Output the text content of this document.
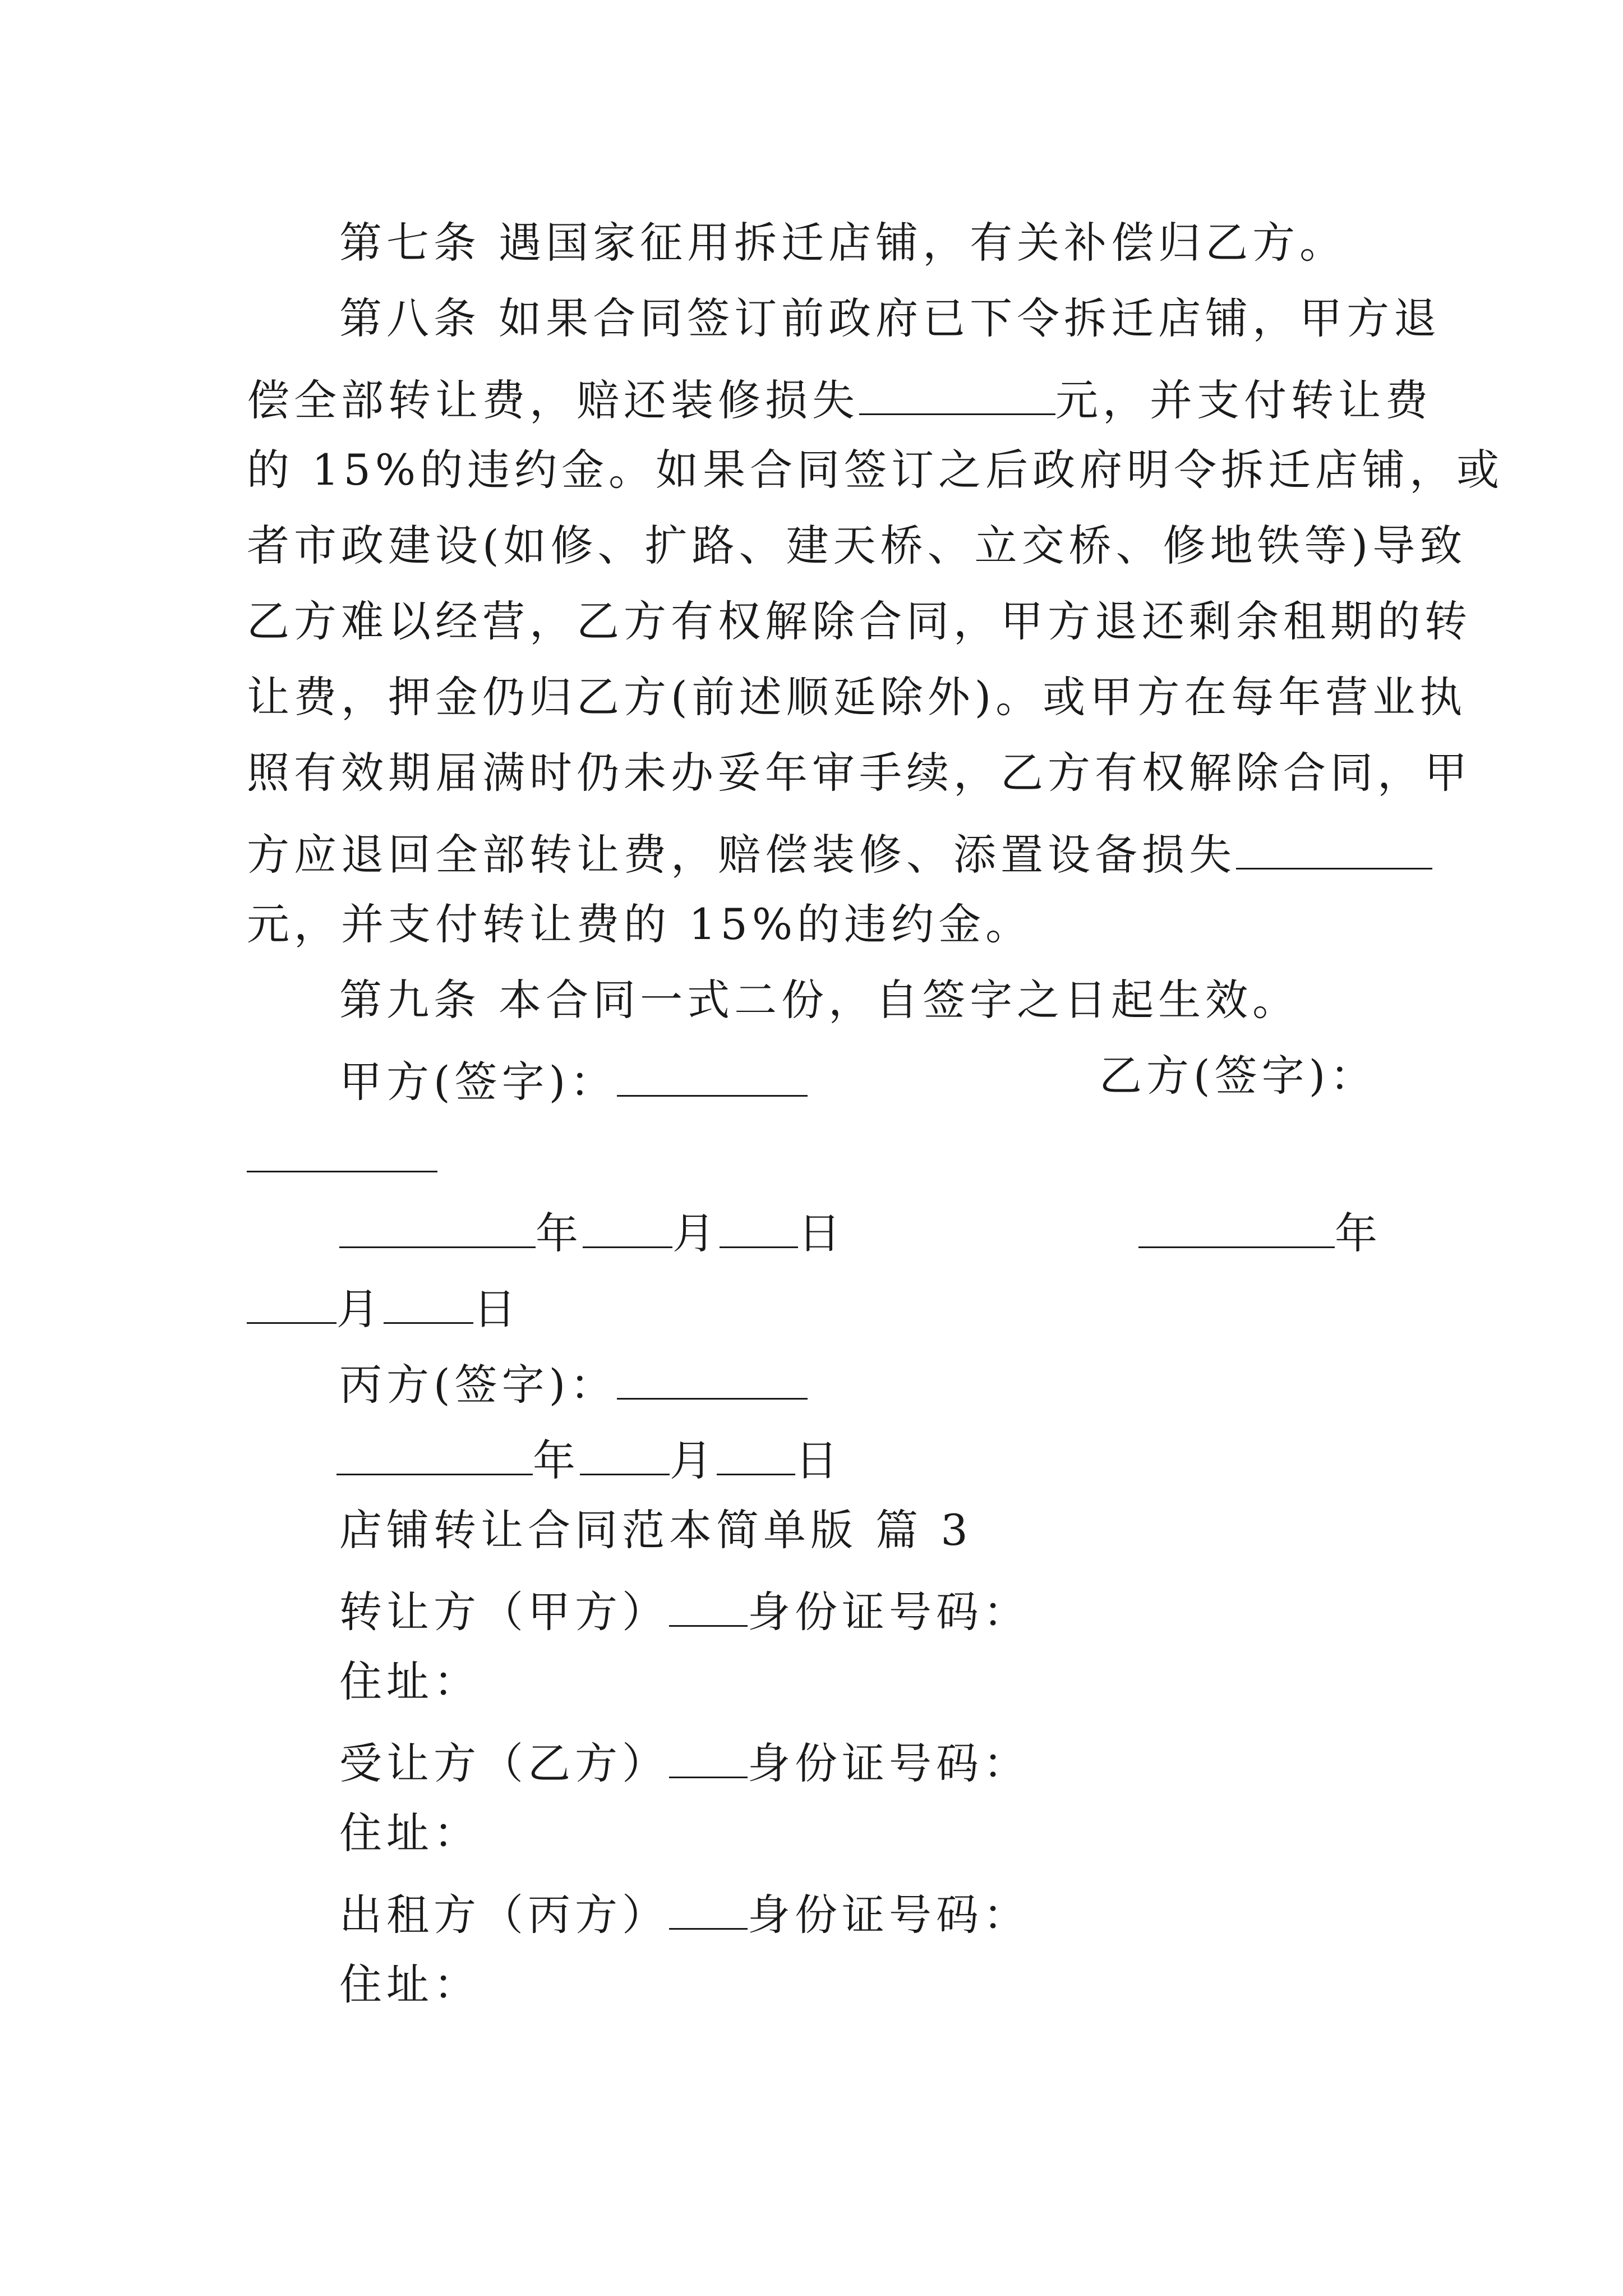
第七条 遇国家征用拆迁店铺，有关补偿归乙方。
第八条 如果合同签订前政府已下令拆迁店铺，甲方退
偿全部转让费，赔还装修损失	元，并支付转让费
的 15%的违约金。如果合同签订之后政府明令拆迁店铺，或
者市政建设(如修、扩路、建天桥、立交桥、修地铁等)导致
乙方难以经营，乙方有权解除合同，甲方退还剩余租期的转
让费，押金仍归乙方(前述顺延除外)。或甲方在每年营业执
照有效期届满时仍未办妥年审手续，乙方有权解除合同，甲
方应退回全部转让费，赔偿装修、添置设备损失
元，并支付转让费的 15%的违约金。
第九条 本合同一式二份，自签字之日起生效。
甲方(签字)：	乙方(签字)：
年 月 日	年
月 日
丙方(签字)：
年 月 日
店铺转让合同范本简单版 篇 3
转让方（甲方） 身份证号码：
住址：
受让方（乙方） 身份证号码：
住址：
出租方（丙方） 身份证号码：
住址：
